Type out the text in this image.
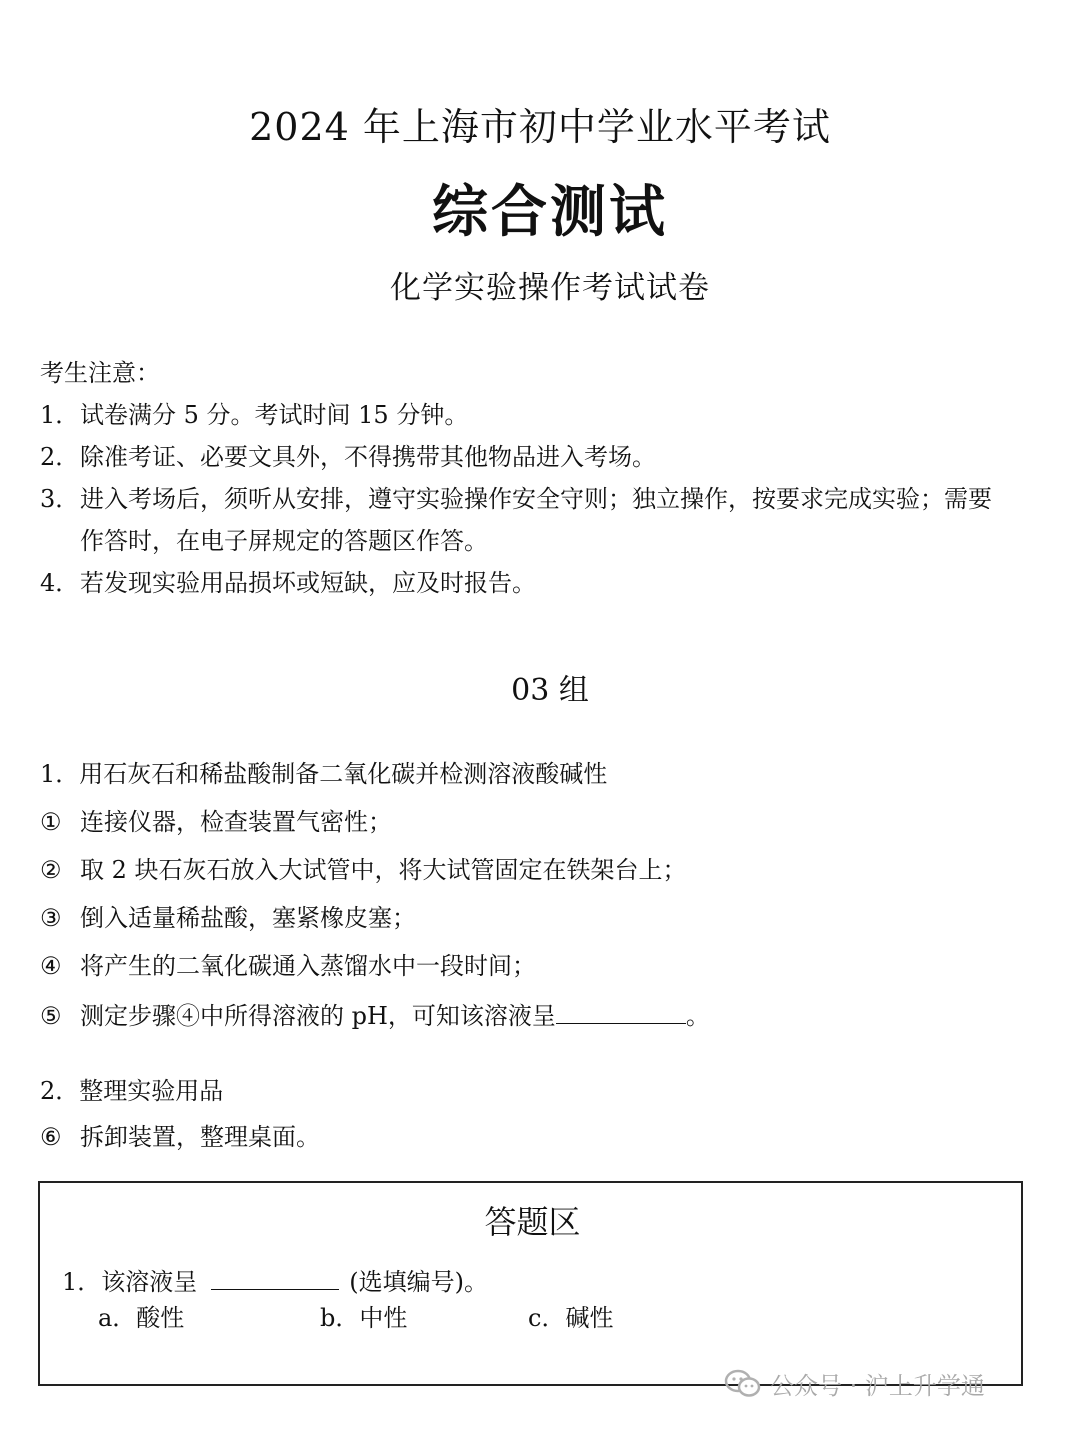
2024 年上海市初中学业水平考试
综合测试
化学实验操作考试试卷
考生注意：
1．试卷满分 5 分。考试时间 15 分钟。
2．除准考证、必要文具外，不得携带其他物品进入考场。
3．进入考场后，须听从安排，遵守实验操作安全守则；独立操作，按要求完成实验；需要
作答时，在电子屏规定的答题区作答。
4．若发现实验用品损坏或短缺，应及时报告。
03 组
1．用石灰石和稀盐酸制备二氧化碳并检测溶液酸碱性
① 连接仪器，检查装置气密性；
② 取 2 块石灰石放入大试管中，将大试管固定在铁架台上；
③ 倒入适量稀盐酸，塞紧橡皮塞；
④ 将产生的二氧化碳通入蒸馏水中一段时间；
⑤ 测定步骤④中所得溶液的 pH，可知该溶液呈	。
2．整理实验用品
⑥ 拆卸装置，整理桌面。
答题区
1．该溶液呈	(选填编号)。
a．酸性	b．中性	c．碱性
公众号 · 沪上升学通
